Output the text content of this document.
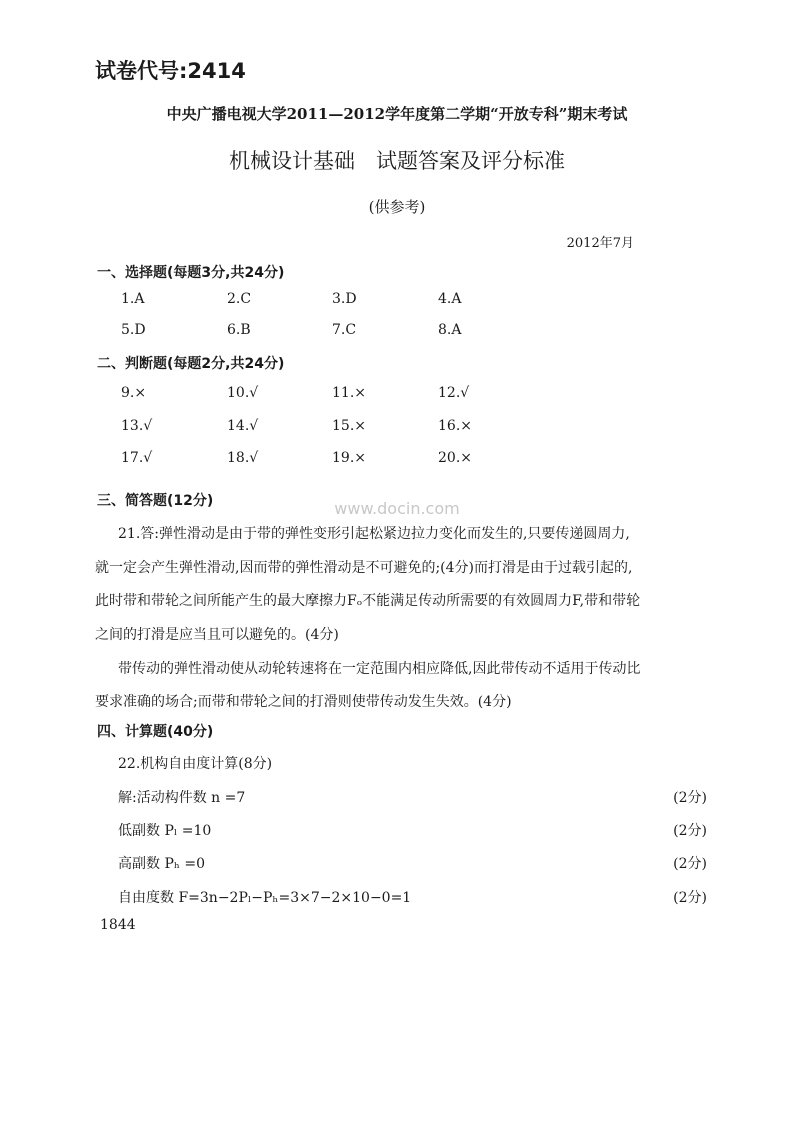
试卷代号:2414
中央广播电视大学2011—2012学年度第二学期“开放专科”期末考试
机械设计基础　试题答案及评分标准
(供参考)
2012年7月
一、选择题(每题3分,共24分)
1.A	2.C	3.D	4.A
5.D	6.B	7.C	8.A
二、判断题(每题2分,共24分)
9.×	10.√	11.×	12.√
13.√	14.√	15.×	16.×
17.√	18.√	19.×	20.×
三、简答题(12分)	www.docin.com
21.答:弹性滑动是由于带的弹性变形引起松紧边拉力变化而发生的,只要传递圆周力,
就一定会产生弹性滑动,因而带的弹性滑动是不可避免的;(4分)而打滑是由于过载引起的,
此时带和带轮之间所能产生的最大摩擦力Fₒ不能满足传动所需要的有效圆周力F,带和带轮
之间的打滑是应当且可以避免的。(4分)
带传动的弹性滑动使从动轮转速将在一定范围内相应降低,因此带传动不适用于传动比
要求准确的场合;而带和带轮之间的打滑则使带传动发生失效。(4分)
四、计算题(40分)
22.机构自由度计算(8分)
解:活动构件数 n =7	(2分)
低副数 Pₗ =10	(2分)
高副数 Pₕ =0	(2分)
自由度数 F=3n−2Pₗ−Pₕ=3×7−2×10−0=1	(2分)
1844
